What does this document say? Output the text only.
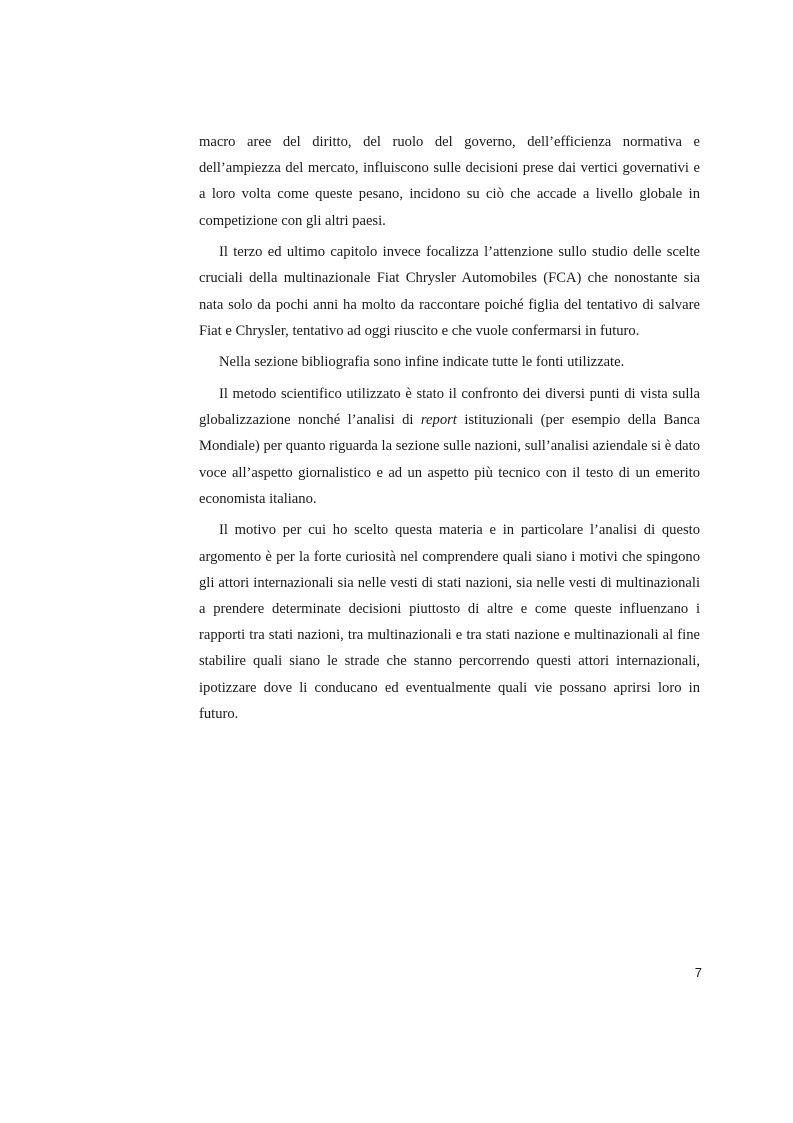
macro aree del diritto, del ruolo del governo, dell’efficienza normativa e dell’ampiezza del mercato, influiscono sulle decisioni prese dai vertici governativi e a loro volta come queste pesano, incidono su ciò che accade a livello globale in competizione con gli altri paesi.

Il terzo ed ultimo capitolo invece focalizza l’attenzione sullo studio delle scelte cruciali della multinazionale Fiat Chrysler Automobiles (FCA) che nonostante sia nata solo da pochi anni ha molto da raccontare poiché figlia del tentativo di salvare Fiat e Chrysler, tentativo ad oggi riuscito e che vuole confermarsi in futuro.

Nella sezione bibliografia sono infine indicate tutte le fonti utilizzate.

Il metodo scientifico utilizzato è stato il confronto dei diversi punti di vista sulla globalizzazione nonché l’analisi di report istituzionali (per esempio della Banca Mondiale) per quanto riguarda la sezione sulle nazioni, sull’analisi aziendale si è dato voce all’aspetto giornalistico e ad un aspetto più tecnico con il testo di un emerito economista italiano.

Il motivo per cui ho scelto questa materia e in particolare l’analisi di questo argomento è per la forte curiosità nel comprendere quali siano i motivi che spingono gli attori internazionali sia nelle vesti di stati nazioni, sia nelle vesti di multinazionali a prendere determinate decisioni piuttosto di altre e come queste influenzano i rapporti tra stati nazioni, tra multinazionali e tra stati nazione e multinazionali al fine stabilire quali siano le strade che stanno percorrendo questi attori internazionali, ipotizzare dove li conducano ed eventualmente quali vie possano aprirsi loro in futuro.

7
